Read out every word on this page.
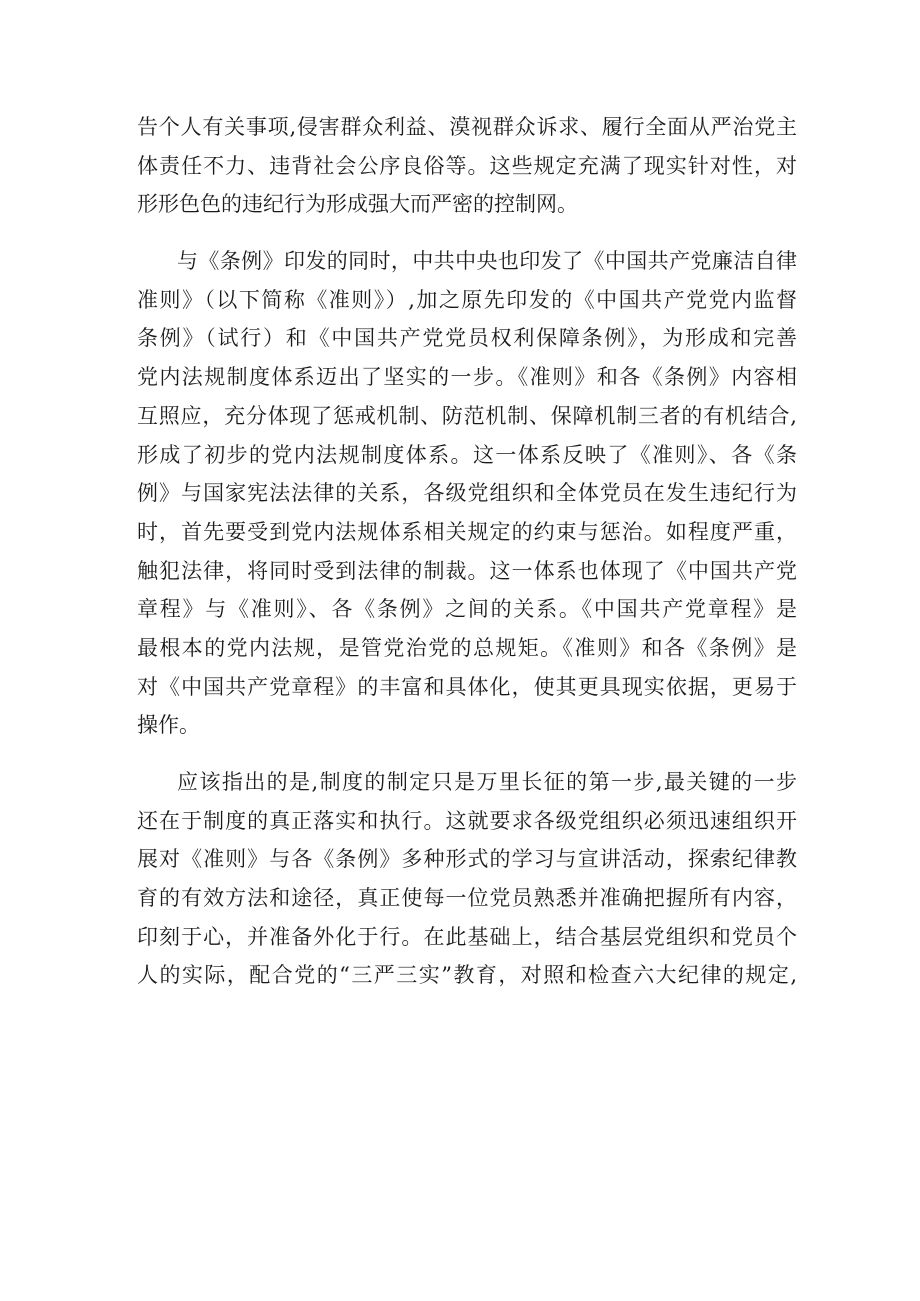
告个人有关事项,侵害群众利益、漠视群众诉求、履行全面从严治党主
体责任不力、违背社会公序良俗等。这些规定充满了现实针对性，对
形形色色的违纪行为形成强大而严密的控制网。
与《条例》印发的同时，中共中央也印发了《中国共产党廉洁自律
准则》（以下简称《准则》）,加之原先印发的《中国共产党党内监督
条例》（试行）和《中国共产党党员权利保障条例》，为形成和完善
党内法规制度体系迈出了坚实的一步。《准则》和各《条例》内容相
互照应，充分体现了惩戒机制、防范机制、保障机制三者的有机结合,
形成了初步的党内法规制度体系。这一体系反映了《准则》、各《条
例》与国家宪法法律的关系，各级党组织和全体党员在发生违纪行为
时，首先要受到党内法规体系相关规定的约束与惩治。如程度严重，
触犯法律，将同时受到法律的制裁。这一体系也体现了《中国共产党
章程》与《准则》、各《条例》之间的关系。《中国共产党章程》是
最根本的党内法规，是管党治党的总规矩。《准则》和各《条例》是
对《中国共产党章程》的丰富和具体化，使其更具现实依据，更易于
操作。
应该指出的是,制度的制定只是万里长征的第一步,最关键的一步
还在于制度的真正落实和执行。这就要求各级党组织必须迅速组织开
展对《准则》与各《条例》多种形式的学习与宣讲活动，探索纪律教
育的有效方法和途径，真正使每一位党员熟悉并准确把握所有内容，
印刻于心，并准备外化于行。在此基础上，结合基层党组织和党员个
人的实际，配合党的“三严三实”教育，对照和检查六大纪律的规定,
